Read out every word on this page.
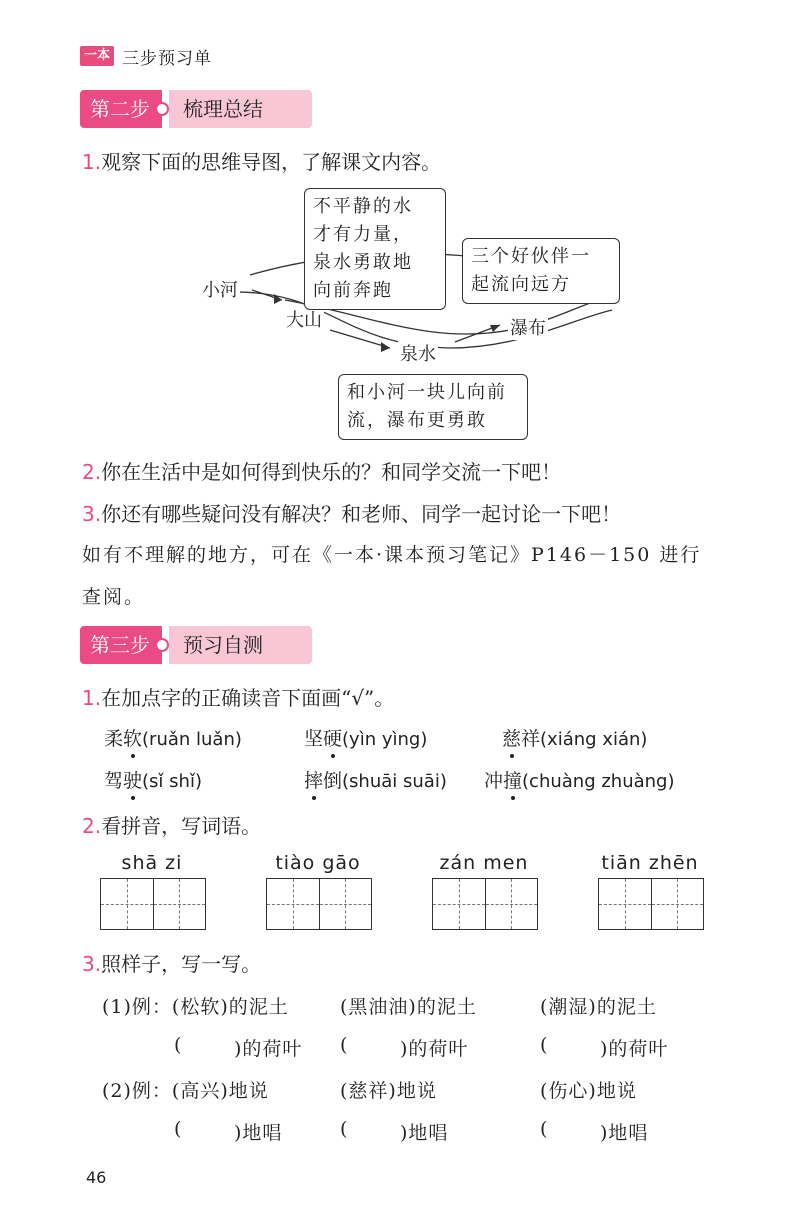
一本 三步预习单
第二步	梳理总结
1.观察下面的思维导图，了解课文内容。
小河
大山	瀑布
泉水
不平静的水
才有力量，
泉水勇敢地
向前奔跑
三个好伙伴一
起流向远方
和小河一块儿向前
流，瀑布更勇敢
2.你在生活中是如何得到快乐的？和同学交流一下吧！
3.你还有哪些疑问没有解决？和老师、同学一起讨论一下吧！
如有不理解的地方，可在《一本·课本预习笔记》P146－150 进行
查阅。
第三步	预习自测
1.在加点字的正确读音下面画“√”。
柔软(ruǎn luǎn)	坚硬(yìn yìng)	慈祥(xiáng xián)
驾驶(sǐ shǐ)	摔倒(shuāi suāi) 冲撞(chuàng zhuàng)
2.看拼音，写词语。
shā zi	tiào gāo	zán men	tiān zhēn
3.照样子，写一写。
(1)例：(松软)的泥土	(黑油油)的泥土	(潮湿)的泥土
(	)的荷叶 (	)的荷叶	(	)的荷叶
(2)例：(高兴)地说	(慈祥)地说	(伤心)地说
(	)地唱	(	)地唱	(	)地唱
46
